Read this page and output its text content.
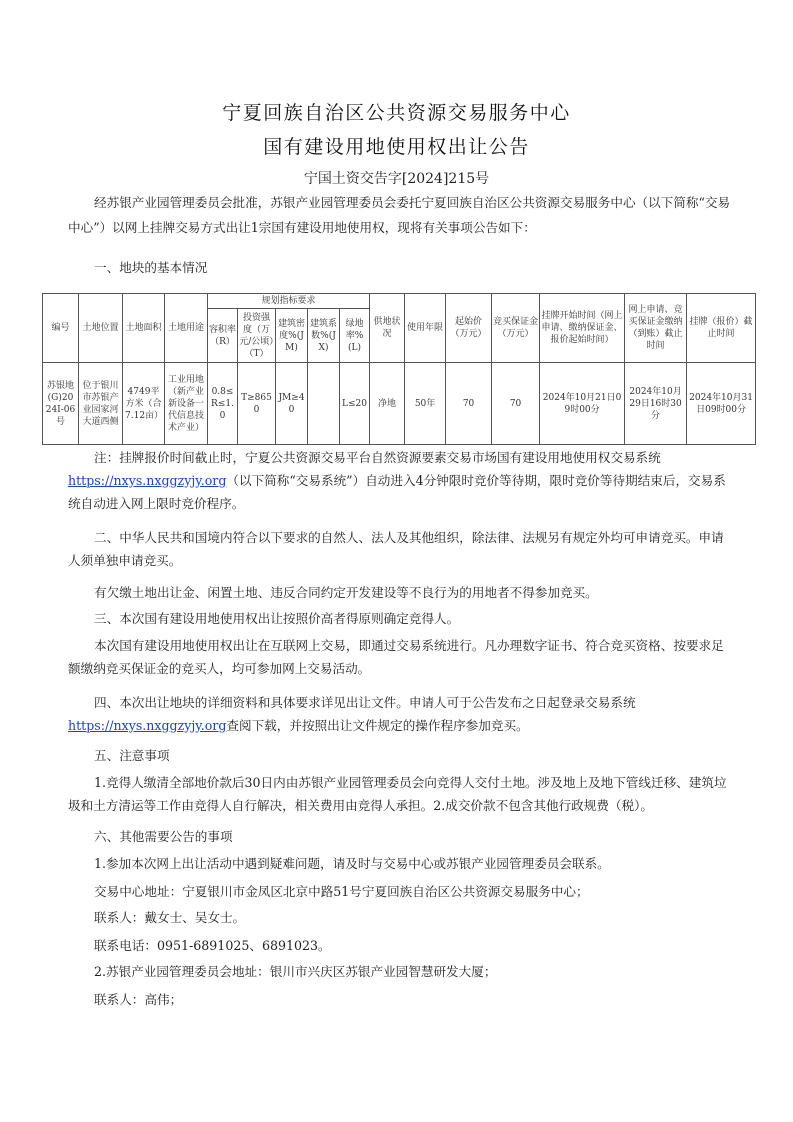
宁夏回族自治区公共资源交易服务中心
国有建设用地使用权出让公告
宁国土资交告字[2024]215号

经苏银产业园管理委员会批准，苏银产业园管理委员会委托宁夏回族自治区公共资源交易服务中心（以下简称“交易中心”）以网上挂牌交易方式出让1宗国有建设用地使用权，现将有关事项公告如下：

一、地块的基本情况

编号	土地位置	土地面积	土地用途	规划指标要求					供地状况	使用年限	起始价（万元）	竞买保证金（万元）	挂牌开始时间（网上申请、缴纳保证金、报价起始时间）	网上申请、竞买保证金缴纳（到账）截止时间	挂牌（报价）截止时间
				容积率（R）	投资强度（万元/公顷）（T）	建筑密度%(JM)	建筑系数%(JX)	绿地率%(L)							
苏银地(G)2024I-06号	位于银川市苏银产业园家河大道西侧	4749平方米（合7.12亩）	工业用地（新产业新设备一代信息技术产业）	0.8≤R≤1.0	T≥8650	JM≥40		L≤20	净地	50年	70	70	2024年10月21日09时00分	2024年10月29日16时30分	2024年10月31日09时00分

注：挂牌报价时间截止时，宁夏公共资源交易平台自然资源要素交易市场国有建设用地使用权交易系统https://nxys.nxggzyjy.org（以下简称“交易系统”）自动进入4分钟限时竞价等待期，限时竞价等待期结束后，交易系统自动进入网上限时竞价程序。

二、中华人民共和国境内符合以下要求的自然人、法人及其他组织，除法律、法规另有规定外均可申请竞买。申请人须单独申请竞买。

有欠缴土地出让金、闲置土地、违反合同约定开发建设等不良行为的用地者不得参加竞买。

三、本次国有建设用地使用权出让按照价高者得原则确定竞得人。

本次国有建设用地使用权出让在互联网上交易，即通过交易系统进行。凡办理数字证书、符合竞买资格、按要求足额缴纳竞买保证金的竞买人，均可参加网上交易活动。

四、本次出让地块的详细资料和具体要求详见出让文件。申请人可于公告发布之日起登录交易系统https://nxys.nxggzyjy.org查阅下载，并按照出让文件规定的操作程序参加竞买。

五、注意事项

1.竞得人缴清全部地价款后30日内由苏银产业园管理委员会向竞得人交付土地。涉及地上及地下管线迁移、建筑垃圾和土方清运等工作由竞得人自行解决，相关费用由竞得人承担。2.成交价款不包含其他行政规费（税）。

六、其他需要公告的事项

1.参加本次网上出让活动中遇到疑难问题，请及时与交易中心或苏银产业园管理委员会联系。

交易中心地址：宁夏银川市金凤区北京中路51号宁夏回族自治区公共资源交易服务中心；

联系人：戴女士、吴女士。

联系电话：0951-6891025、6891023。

2.苏银产业园管理委员会地址：银川市兴庆区苏银产业园智慧研发大厦；

联系人：高伟；
